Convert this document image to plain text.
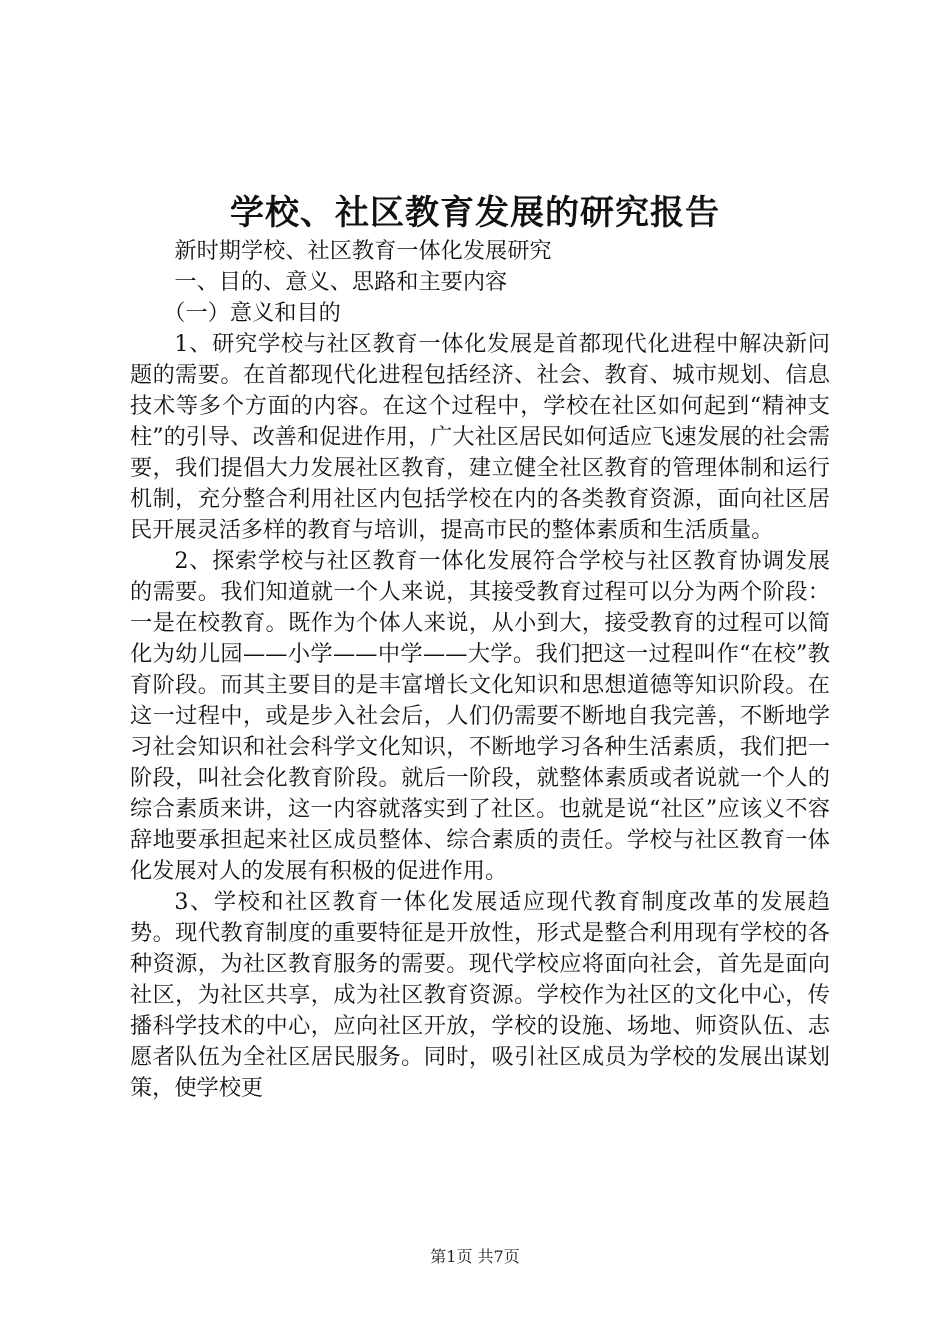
学校、社区教育发展的研究报告

新时期学校、社区教育一体化发展研究

一、目的、意义、思路和主要内容

（一）意义和目的

1、研究学校与社区教育一体化发展是首都现代化进程中解决新问题的需要。在首都现代化进程包括经济、社会、教育、城市规划、信息技术等多个方面的内容。在这个过程中，学校在社区如何起到“精神支柱”的引导、改善和促进作用，广大社区居民如何适应飞速发展的社会需要，我们提倡大力发展社区教育，建立健全社区教育的管理体制和运行机制，充分整合利用社区内包括学校在内的各类教育资源，面向社区居民开展灵活多样的教育与培训，提高市民的整体素质和生活质量。

2、探索学校与社区教育一体化发展符合学校与社区教育协调发展的需要。我们知道就一个人来说，其接受教育过程可以分为两个阶段：一是在校教育。既作为个体人来说，从小到大，接受教育的过程可以简化为幼儿园——小学——中学——大学。我们把这一过程叫作“在校”教育阶段。而其主要目的是丰富增长文化知识和思想道德等知识阶段。在这一过程中，或是步入社会后，人们仍需要不断地自我完善，不断地学习社会知识和社会科学文化知识，不断地学习各种生活素质，我们把一阶段，叫社会化教育阶段。就后一阶段，就整体素质或者说就一个人的综合素质来讲，这一内容就落实到了社区。也就是说“社区”应该义不容辞地要承担起来社区成员整体、综合素质的责任。学校与社区教育一体化发展对人的发展有积极的促进作用。

3、学校和社区教育一体化发展适应现代教育制度改革的发展趋势。现代教育制度的重要特征是开放性，形式是整合利用现有学校的各种资源，为社区教育服务的需要。现代学校应将面向社会，首先是面向社区，为社区共享，成为社区教育资源。学校作为社区的文化中心，传播科学技术的中心，应向社区开放，学校的设施、场地、师资队伍、志愿者队伍为全社区居民服务。同时，吸引社区成员为学校的发展出谋划策，使学校更

第1页 共7页
